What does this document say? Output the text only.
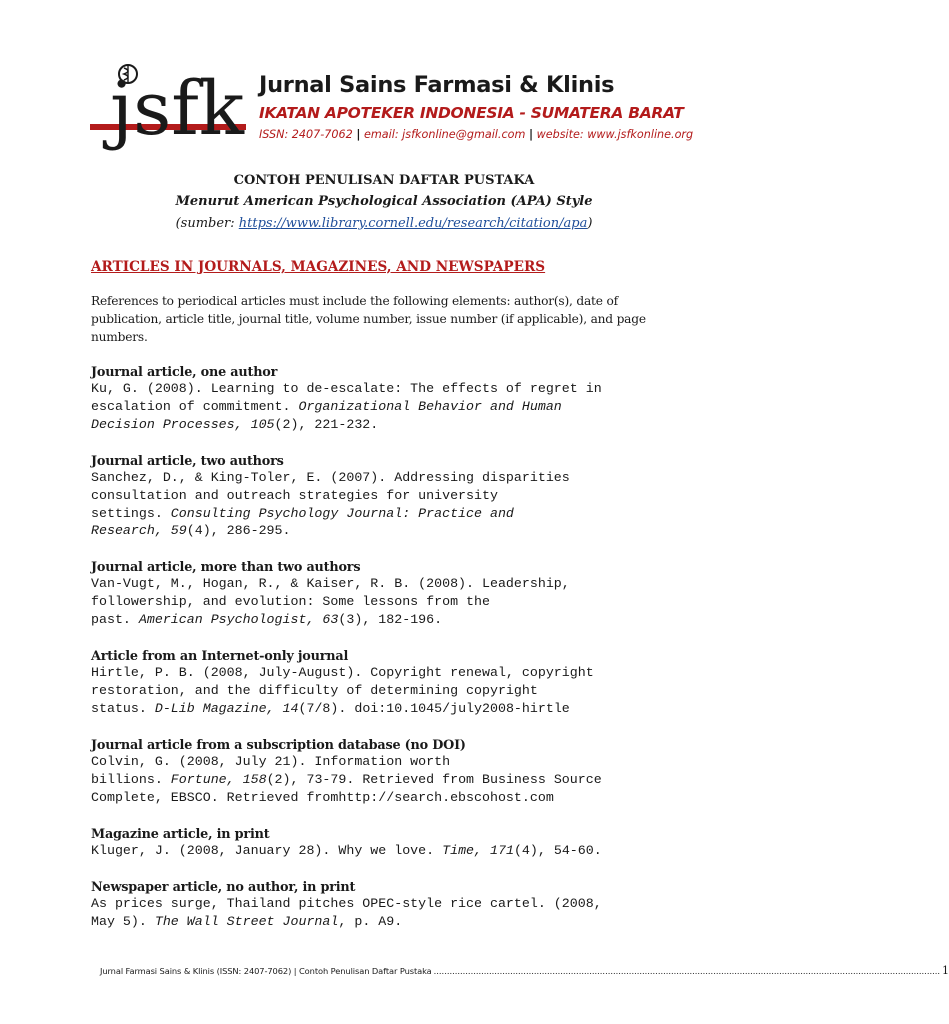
jsfk Jurnal Sains Farmasi & Klinis
IKATAN APOTEKER INDONESIA - SUMATERA BARAT
ISSN: 2407-7062 | email: jsfkonline@gmail.com | website: www.jsfkonline.org
CONTOH PENULISAN DAFTAR PUSTAKA
Menurut American Psychological Association (APA) Style
(sumber: https://www.library.cornell.edu/research/citation/apa)
ARTICLES IN JOURNALS, MAGAZINES, AND NEWSPAPERS

References to periodical articles must include the following elements: author(s), date of publication, article title, journal title, volume number, issue number (if applicable), and page numbers.

Journal article, one author
Ku, G. (2008). Learning to de-escalate: The effects of regret in
escalation of commitment. Organizational Behavior and Human
Decision Processes, 105(2), 221-232.
Journal article, two authors
Sanchez, D., & King-Toler, E. (2007). Addressing disparities
consultation and outreach strategies for university
settings. Consulting Psychology Journal: Practice and
Research, 59(4), 286-295.
Journal article, more than two authors
Van-Vugt, M., Hogan, R., & Kaiser, R. B. (2008). Leadership,
followership, and evolution: Some lessons from the
past. American Psychologist, 63(3), 182-196.
Article from an Internet-only journal
Hirtle, P. B. (2008, July-August). Copyright renewal, copyright
restoration, and the difficulty of determining copyright
status. D-Lib Magazine, 14(7/8). doi:10.1045/july2008-hirtle
Journal article from a subscription database (no DOI)
Colvin, G. (2008, July 21). Information worth
billions. Fortune, 158(2), 73-79. Retrieved from Business Source
Complete, EBSCO. Retrieved fromhttp://search.ebscohost.com
Magazine article, in print
Kluger, J. (2008, January 28). Why we love. Time, 171(4), 54-60.
Newspaper article, no author, in print
As prices surge, Thailand pitches OPEC-style rice cartel. (2008,
May 5). The Wall Street Journal, p. A9.
Jurnal Farmasi Sains & Klinis (ISSN: 2407-7062) | Contoh Penulisan Daftar Pustaka ................................................................................................................................................................................................ 1
